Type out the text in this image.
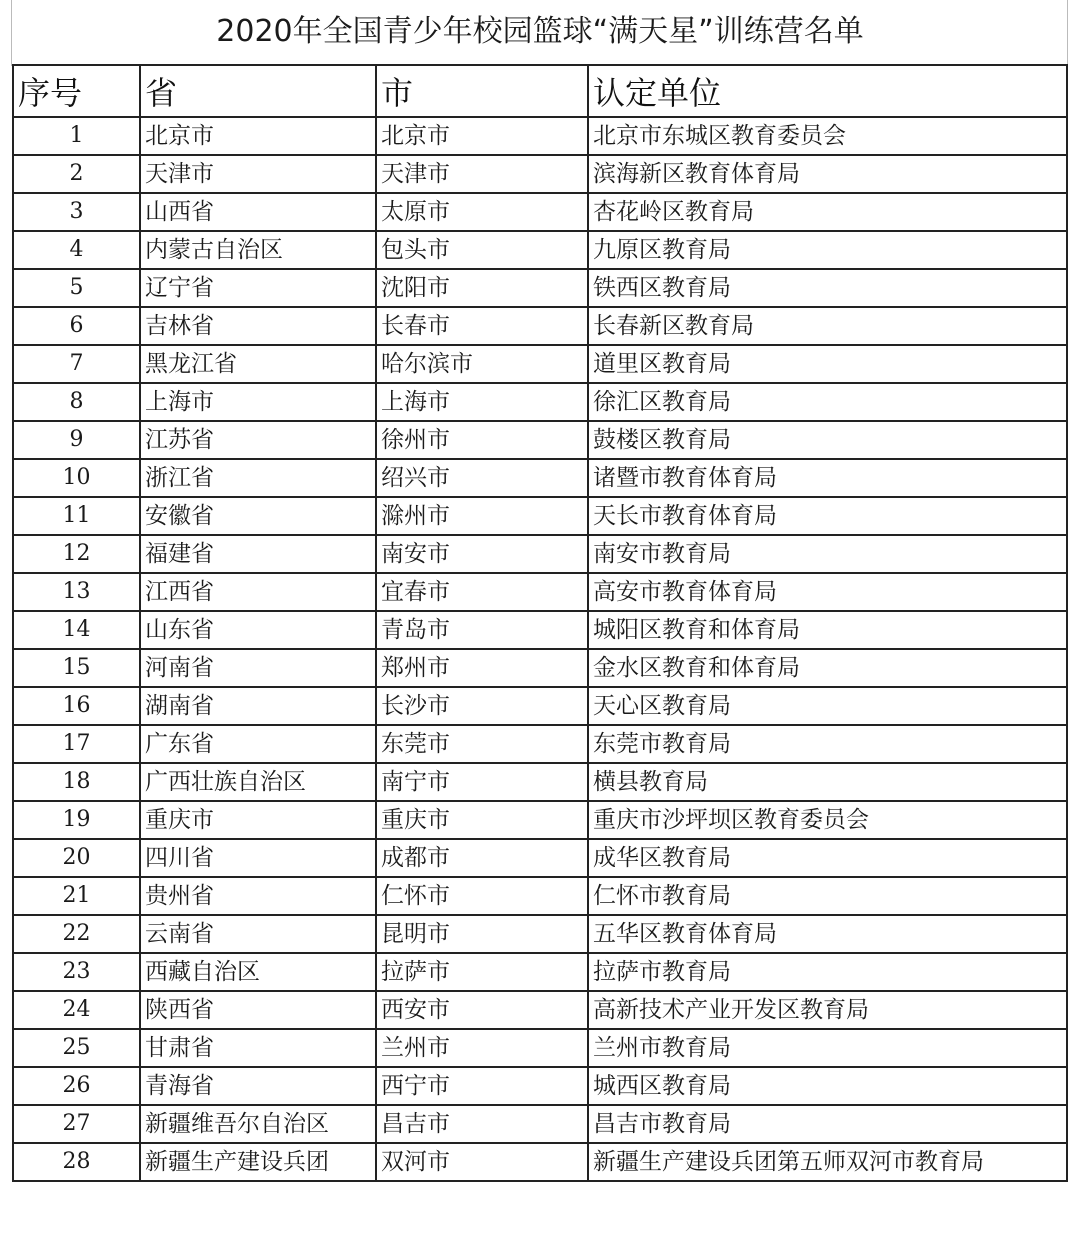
2020年全国青少年校园篮球“满天星”训练营名单
序号	省	市	认定单位
1	北京市	北京市	北京市东城区教育委员会
2	天津市	天津市	滨海新区教育体育局
3	山西省	太原市	杏花岭区教育局
4	内蒙古自治区	包头市	九原区教育局
5	辽宁省	沈阳市	铁西区教育局
6	吉林省	长春市	长春新区教育局
7	黑龙江省	哈尔滨市	道里区教育局
8	上海市	上海市	徐汇区教育局
9	江苏省	徐州市	鼓楼区教育局
10	浙江省	绍兴市	诸暨市教育体育局
11	安徽省	滁州市	天长市教育体育局
12	福建省	南安市	南安市教育局
13	江西省	宜春市	高安市教育体育局
14	山东省	青岛市	城阳区教育和体育局
15	河南省	郑州市	金水区教育和体育局
16	湖南省	长沙市	天心区教育局
17	广东省	东莞市	东莞市教育局
18	广西壮族自治区	南宁市	横县教育局
19	重庆市	重庆市	重庆市沙坪坝区教育委员会
20	四川省	成都市	成华区教育局
21	贵州省	仁怀市	仁怀市教育局
22	云南省	昆明市	五华区教育体育局
23	西藏自治区	拉萨市	拉萨市教育局
24	陕西省	西安市	高新技术产业开发区教育局
25	甘肃省	兰州市	兰州市教育局
26	青海省	西宁市	城西区教育局
27	新疆维吾尔自治区	昌吉市	昌吉市教育局
28	新疆生产建设兵团	双河市	新疆生产建设兵团第五师双河市教育局
